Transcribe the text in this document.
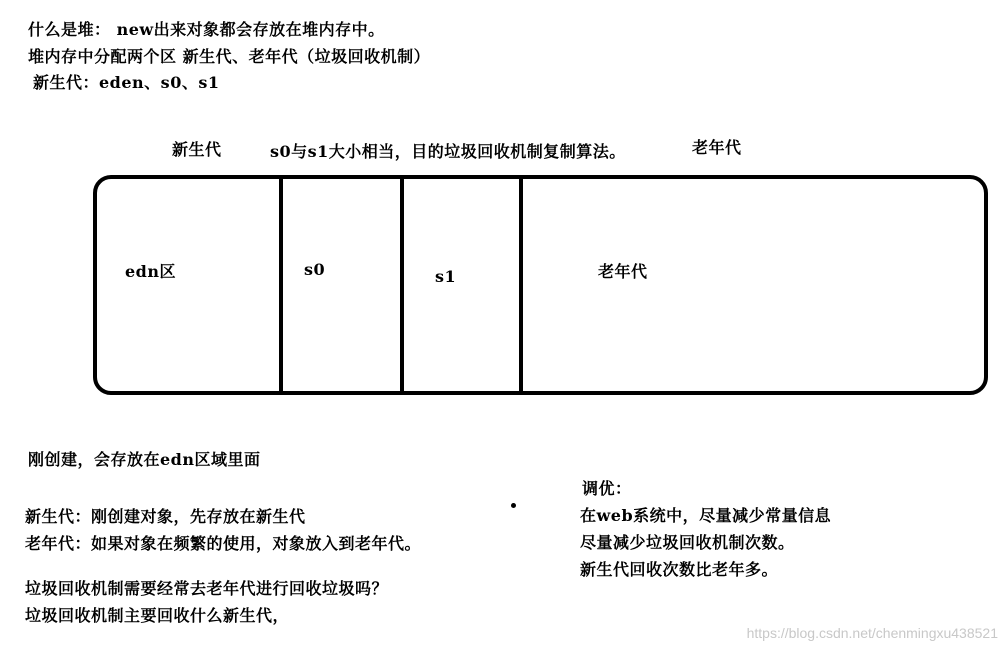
什么是堆： new出来对象都会存放在堆内存中。
堆内存中分配两个区 新生代、老年代（垃圾回收机制）
新生代：eden、s0、s1
新生代	s0与s1大小相当，目的垃圾回收机制复制算法。	老年代
edn区	s0	s1	老年代
刚创建，会存放在edn区域里面
新生代：刚创建对象，先存放在新生代
老年代：如果对象在频繁的使用，对象放入到老年代。
垃圾回收机制需要经常去老年代进行回收垃圾吗？
垃圾回收机制主要回收什么新生代，
调优：
在web系统中，尽量减少常量信息
尽量减少垃圾回收机制次数。
新生代回收次数比老年多。
https://blog.csdn.net/chenmingxu438521
